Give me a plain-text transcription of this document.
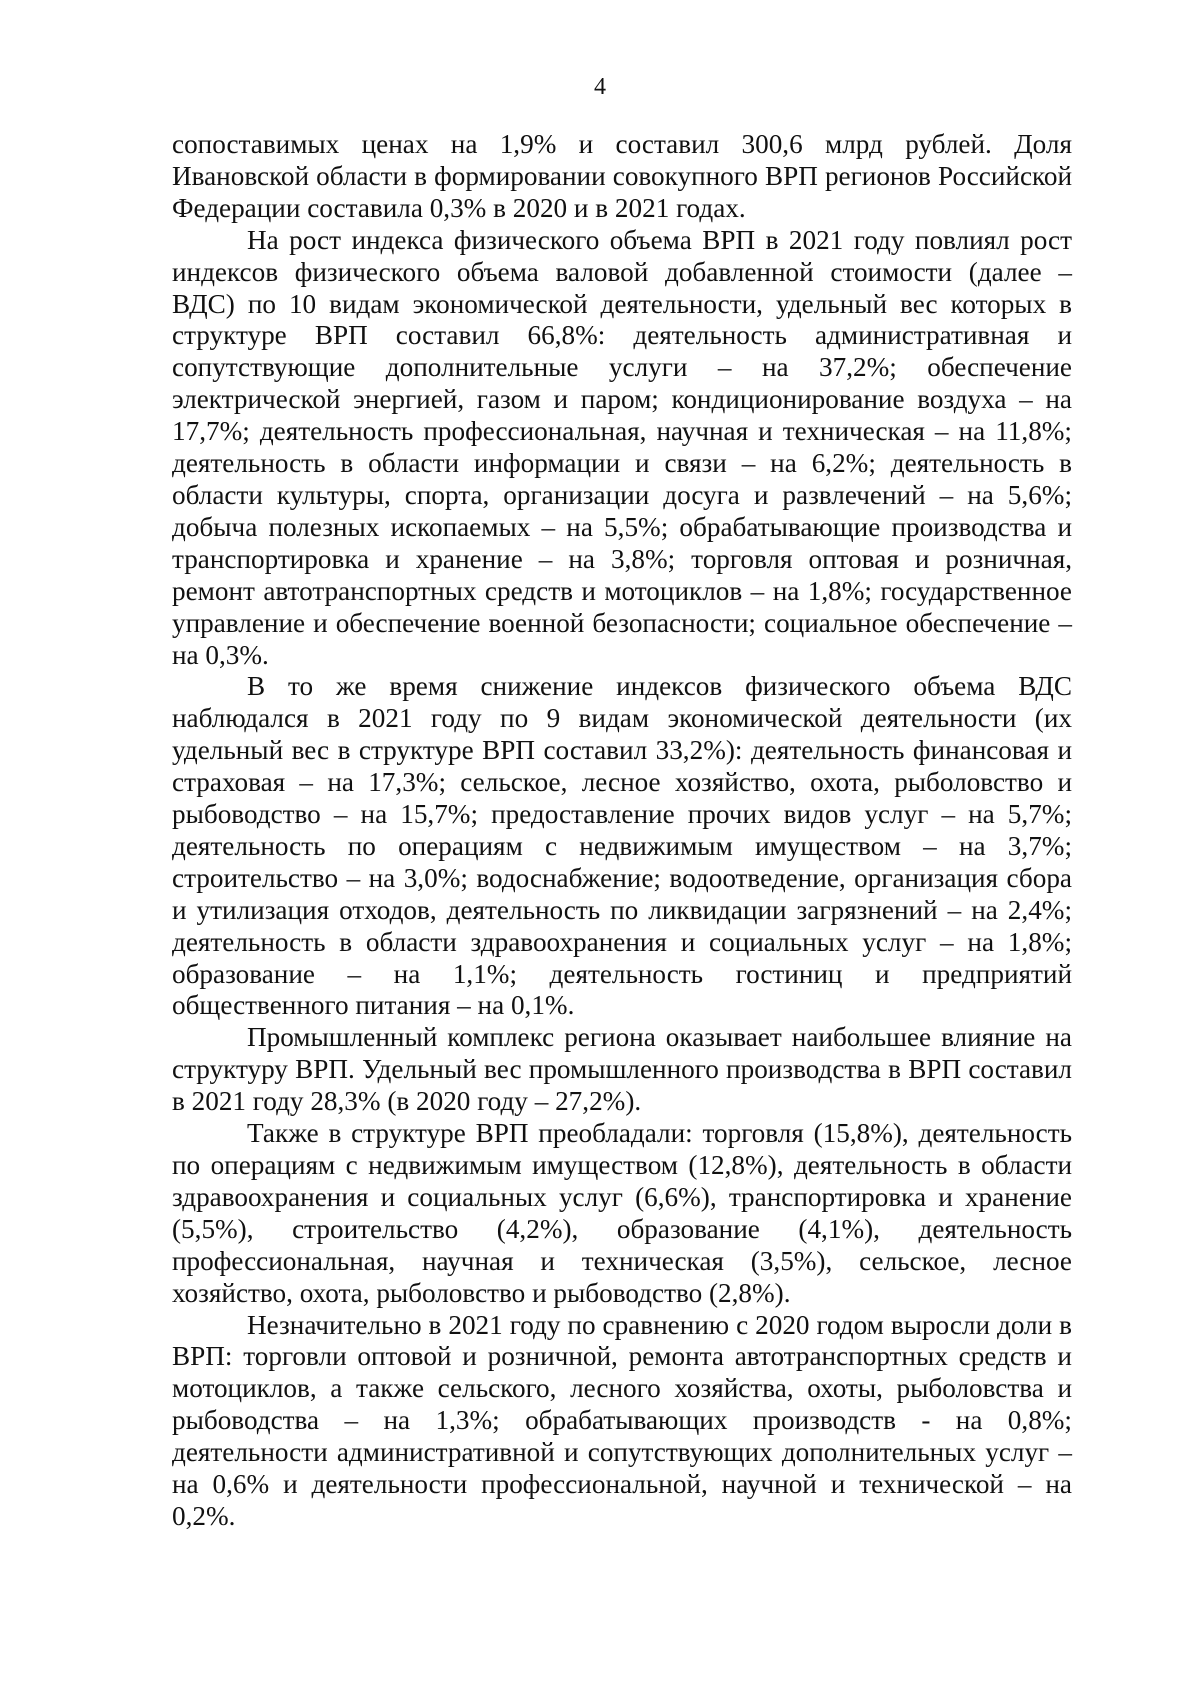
4

сопоставимых ценах на 1,9% и составил 300,6 млрд рублей. Доля Ивановской области в формировании совокупного ВРП регионов Российской Федерации составила 0,3% в 2020 и в 2021 годах.

На рост индекса физического объема ВРП в 2021 году повлиял рост индексов физического объема валовой добавленной стоимости (далее – ВДС) по 10 видам экономической деятельности, удельный вес которых в структуре ВРП составил 66,8%: деятельность административная и сопутствующие дополнительные услуги – на 37,2%; обеспечение электрической энергией, газом и паром; кондиционирование воздуха – на 17,7%; деятельность профессиональная, научная и техническая – на 11,8%; деятельность в области информации и связи – на 6,2%; деятельность в области культуры, спорта, организации досуга и развлечений – на 5,6%; добыча полезных ископаемых – на 5,5%; обрабатывающие производства и транспортировка и хранение – на 3,8%; торговля оптовая и розничная, ремонт автотранспортных средств и мотоциклов – на 1,8%; государственное управление и обеспечение военной безопасности; социальное обеспечение – на 0,3%.

В то же время снижение индексов физического объема ВДС наблюдался в 2021 году по 9 видам экономической деятельности (их удельный вес в структуре ВРП составил 33,2%): деятельность финансовая и страховая – на 17,3%; сельское, лесное хозяйство, охота, рыболовство и рыбоводство – на 15,7%; предоставление прочих видов услуг – на 5,7%; деятельность по операциям с недвижимым имуществом – на 3,7%; строительство – на 3,0%; водоснабжение; водоотведение, организация сбора и утилизация отходов, деятельность по ликвидации загрязнений – на 2,4%; деятельность в области здравоохранения и социальных услуг – на 1,8%; образование – на 1,1%; деятельность гостиниц и предприятий общественного питания – на 0,1%.

Промышленный комплекс региона оказывает наибольшее влияние на структуру ВРП. Удельный вес промышленного производства в ВРП составил в 2021 году 28,3% (в 2020 году – 27,2%).

Также в структуре ВРП преобладали: торговля (15,8%), деятельность по операциям с недвижимым имуществом (12,8%), деятельность в области здравоохранения и социальных услуг (6,6%), транспортировка и хранение (5,5%), строительство (4,2%), образование (4,1%), деятельность профессиональная, научная и техническая (3,5%), сельское, лесное хозяйство, охота, рыболовство и рыбоводство (2,8%).

Незначительно в 2021 году по сравнению с 2020 годом выросли доли в ВРП: торговли оптовой и розничной, ремонта автотранспортных средств и мотоциклов, а также сельского, лесного хозяйства, охоты, рыболовства и рыбоводства – на 1,3%; обрабатывающих производств - на 0,8%; деятельности административной и сопутствующих дополнительных услуг – на 0,6% и деятельности профессиональной, научной и технической – на 0,2%.
